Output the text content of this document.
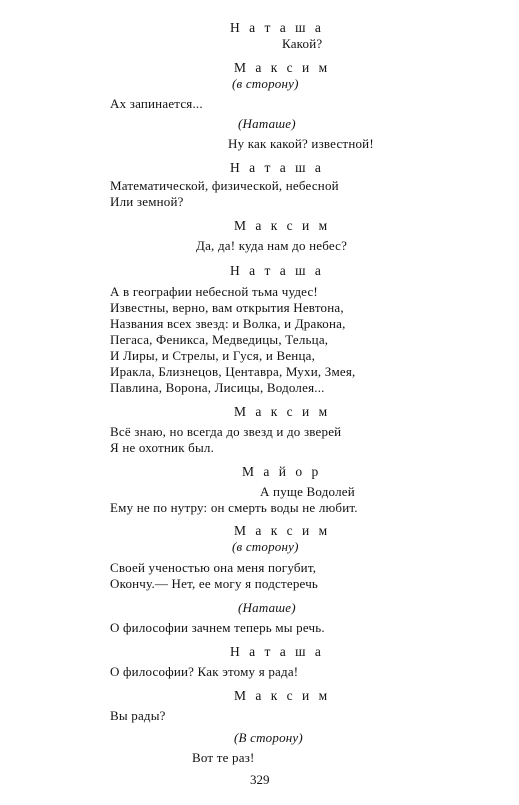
Н а т а ш а
Какой?
М а к с и м
(в сторону)
Ах запинается...
(Наташе)
Ну как какой? известной!
Н а т а ш а
Математической, физической, небесной
Или земной?
М а к с и м
Да, да! куда нам до небес?
Н а т а ш а
А в географии небесной тьма чудес!
Известны, верно, вам открытия Невтона,
Названия всех звезд: и Волка, и Дракона,
Пегаса, Феникса, Медведицы, Тельца,
И Лиры, и Стрелы, и Гуся, и Венца,
Иракла, Близнецов, Центавра, Мухи, Змея,
Павлина, Ворона, Лисицы, Водолея...
М а к с и м
Всё знаю, но всегда до звезд и до зверей
Я не охотник был.
М а й о р
А пуще Водолей
Ему не по нутру: он смерть воды не любит.
М а к с и м
(в сторону)
Своей ученостью она меня погубит,
Окончу.— Нет, ее могу я подстеречь
(Наташе)
О философии зачнем теперь мы речь.
Н а т а ш а
О философии? Как этому я рада!
М а к с и м
Вы рады?
(В сторону)
Вот те раз!
329
